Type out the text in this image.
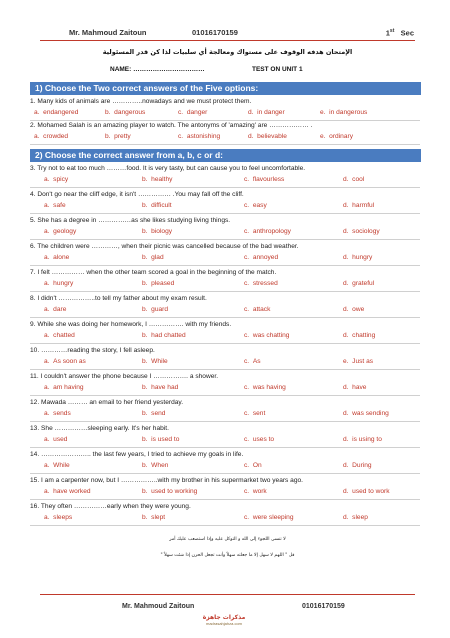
Mr. Mahmoud Zaitoun	01016170159	1st Sec
الإمتحان هدفه الوقوف على مستواك ومعالجة أي سلبيات لذا كن قدر المسئولية
NAME: ……………………………	TEST ON UNIT 1
1) Choose the Two correct answers of the Five options:
1. Many kids of animals are …………..nowadays and we must protect them.
a. endangered	b. dangerous	c. danger	d. in danger	e. in dangerous
2. Mohamed Salah is an amazing player to watch. The antonyms of 'amazing' are ……………… .
a. crowded	b. pretty	c. astonishing	d. believable	e. ordinary
2) Choose the correct answer from a, b, c or d:
3. Try not to eat too much ………food. It is very tasty, but can cause you to feel uncomfortable.
a. spicy	b. healthy	c. flavourless	d. cool
4. Don't go near the cliff edge, it isn't …………… .You may fall off the cliff.
a. safe	b. difficult	c. easy	d. harmful
5. She has a degree in ……………as she likes studying living things.
a. geology	b. biology	c. anthropology	d. sociology
6. The children were …………, when their picnic was cancelled because of the bad weather.
a. alone	b. glad	c. annoyed	d. hungry
7. I felt …………… when the other team scored a goal in the beginning of the match.
a. hungry	b. pleased	c. stressed	d. grateful
8. I didn't ……………..to tell my father about my exam result.
a. dare	b. guard	c. attack	d. owe
9. While she was doing her homework, I ……………. with my friends.
a. chatted	b. had chatted	c. was chatting	d. chatting
10. …………reading the story, I fell asleep.
a. As soon as	b. While	c. As	e. Just as
11. I couldn't answer the phone because I ……………. a shower.
a. am having	b. have had	c. was having	d. have
12. Mawada ……… an email to her friend yesterday.
a. sends	b. send	c. sent	d. was sending
13. She ……………sleeping early. It's her habit.
a. used	b. is used to	c. uses to	d. is using to
14. ………………….. the last few years, I tried to achieve my goals in life.
a. While	b. When	c. On	d. During
15. I am a carpenter now, but I ……………..with my brother in his supermarket two years ago.
a. have worked	b. used to working	c. work	d. used to work
16. They often ……………early when they were young.
a. sleeps	b. slept	c. were sleeping	d. sleep
لا تنسى اللجوء إلى الله و التوكل عليه وإذا استصعب عليك أمر
قل " اللهم لا سهل إلا ما جعلته سهلاً وأنت تجعل الحزن إذا شئت سهلاً "
Mr. Mahmoud Zaitoun	01016170159
مذكرات جاهزة
madrasahjahza.com
